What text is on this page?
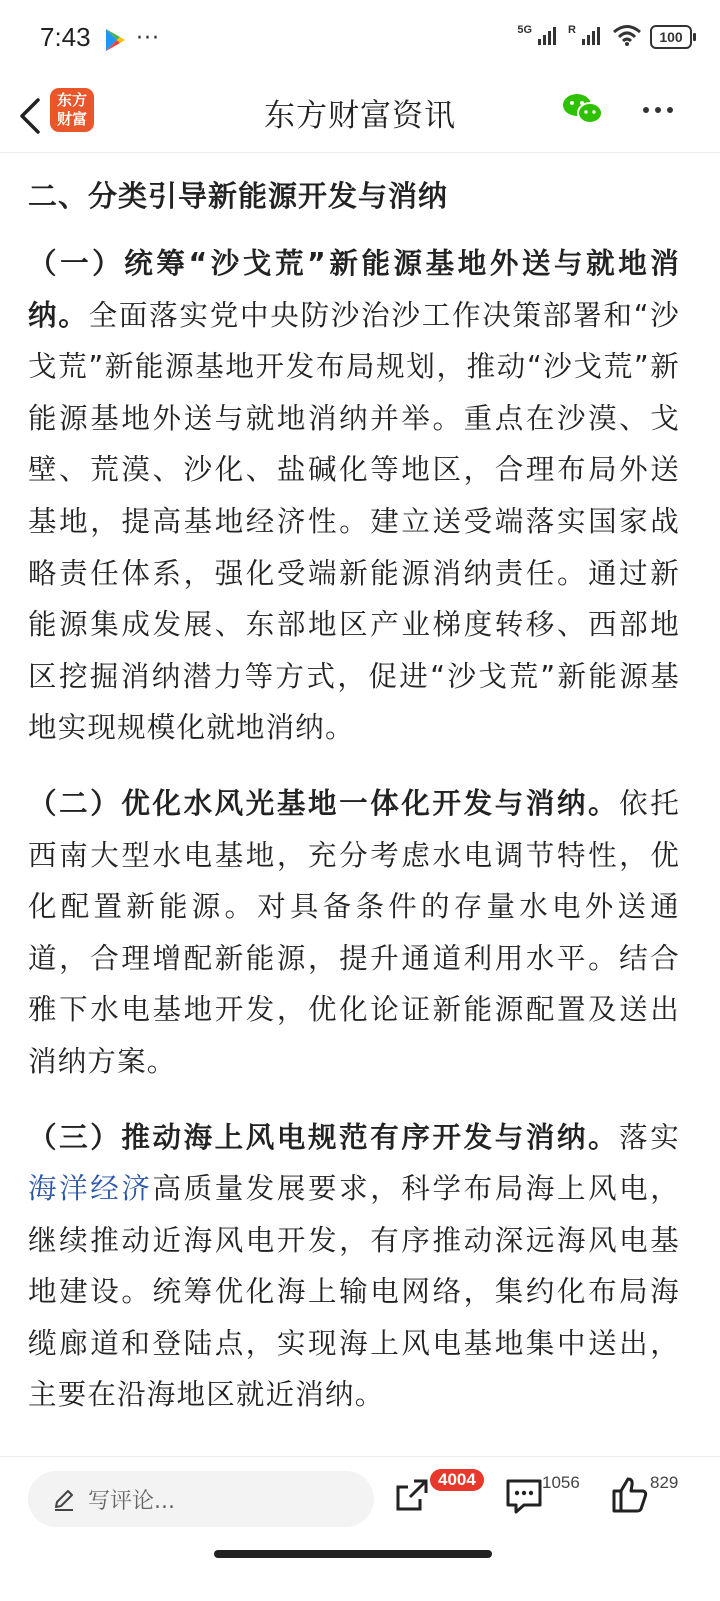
7:43 ···	5G	R	100
东方
财富	东方财富资讯
二、分类引导新能源开发与消纳

（一）统筹“沙戈荒”新能源基地外送与就地消纳。全面落实党中央防沙治沙工作决策部署和“沙戈荒”新能源基地开发布局规划，推动“沙戈荒”新能源基地外送与就地消纳并举。重点在沙漠、戈壁、荒漠、沙化、盐碱化等地区，合理布局外送基地，提高基地经济性。建立送受端落实国家战略责任体系，强化受端新能源消纳责任。通过新能源集成发展、东部地区产业梯度转移、西部地区挖掘消纳潜力等方式，促进“沙戈荒”新能源基地实现规模化就地消纳。

（二）优化水风光基地一体化开发与消纳。依托西南大型水电基地，充分考虑水电调节特性，优化配置新能源。对具备条件的存量水电外送通道，合理增配新能源，提升通道利用水平。结合雅下水电基地开发，优化论证新能源配置及送出消纳方案。

（三）推动海上风电规范有序开发与消纳。落实海洋经济高质量发展要求，科学布局海上风电，继续推动近海风电开发，有序推动深远海风电基地建设。统筹优化海上输电网络，集约化布局海缆廊道和登陆点，实现海上风电基地集中送出，主要在沿海地区就近消纳。

写评论...
4004	1056	829
